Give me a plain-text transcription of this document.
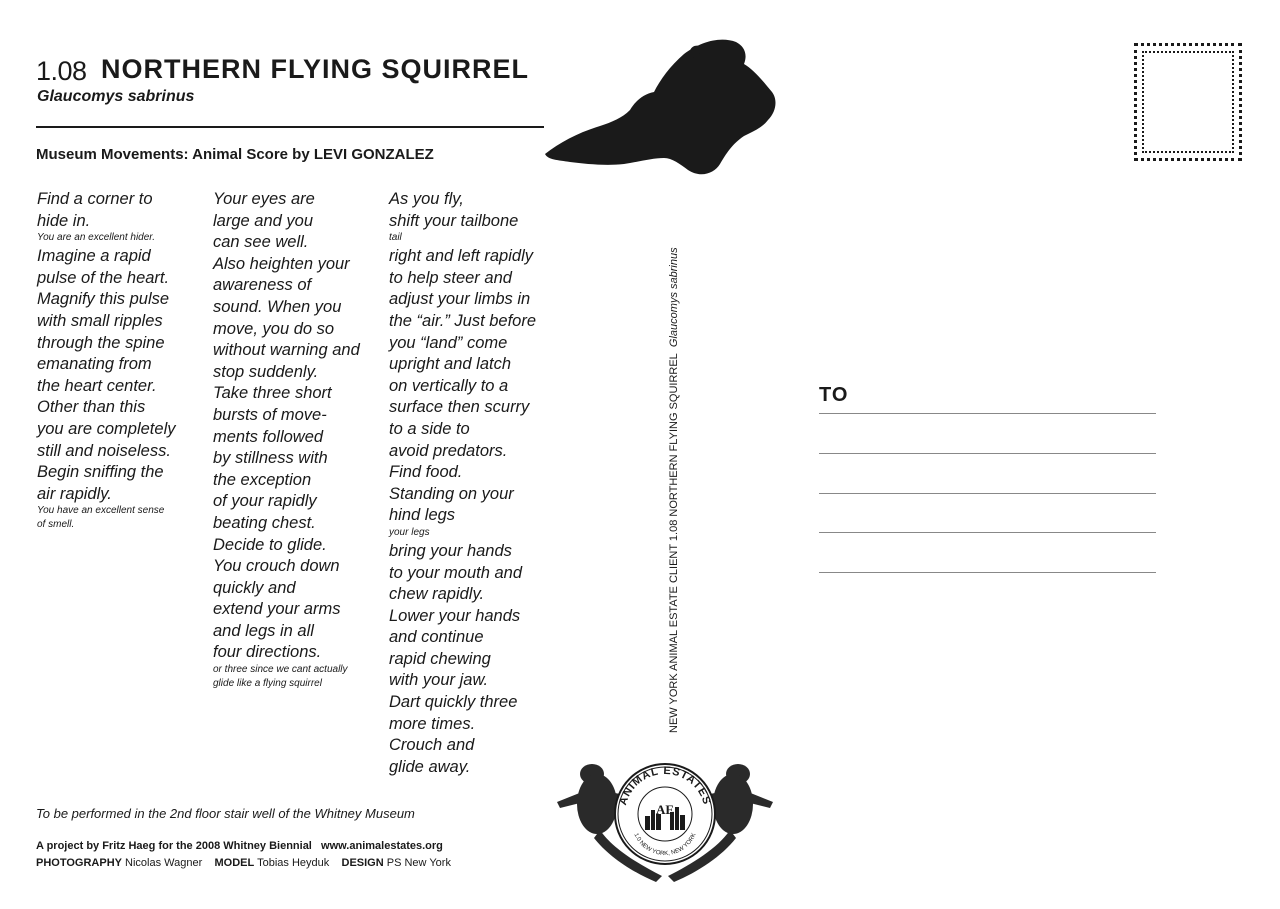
1.08 NORTHERN FLYING SQUIRREL
Glaucomys sabrinus
Museum Movements: Animal Score by LEVI GONZALEZ
Find a corner to
hide in.
You are an excellent hider.
Imagine a rapid
pulse of the heart.
Magnify this pulse
with small ripples
through the spine
emanating from
the heart center.
Other than this
you are completely
still and noiseless.
Begin sniffing the
air rapidly.
You have an excellent sense
of smell.
Your eyes are
large and you
can see well.
Also heighten your
awareness of
sound. When you
move, you do so
without warning and
stop suddenly.
Take three short
bursts of move-
ments followed
by stillness with
the exception
of your rapidly
beating chest.
Decide to glide.
You crouch down
quickly and
extend your arms
and legs in all
four directions.
or three since we cant actually
glide like a flying squirrel
As you fly,
shift your tailbone
tail
right and left rapidly
to help steer and
adjust your limbs in
the “air.” Just before
you “land” come
upright and latch
on vertically to a
surface then scurry
to a side to
avoid predators.
Find food.
Standing on your
hind legs
your legs
bring your hands
to your mouth and
chew rapidly.
Lower your hands
and continue
rapid chewing
with your jaw.
Dart quickly three
more times.
Crouch and
glide away.
NEW YORK ANIMAL ESTATE CLIENT 1.08 NORTHERN FLYING SQUIRREL  Glaucomys sabrinus
ANIMAL ESTATES
1.0 NEW YORK, NEW YORK
AE
To be performed in the 2nd floor stair well of the Whitney Museum
A project by Fritz Haeg for the 2008 Whitney Biennial www.animalestates.org
PHOTOGRAPHY Nicolas Wagner MODEL Tobias Heyduk DESIGN PS New York
TO
